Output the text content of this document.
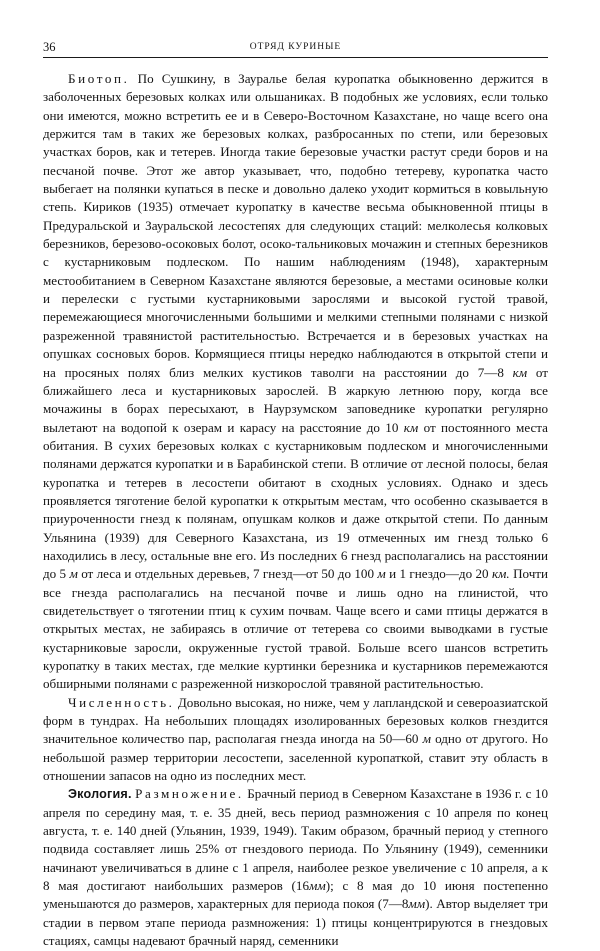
36	ОТРЯД КУРИНЫЕ

Биотоп. По Сушкину, в Зауралье белая куропатка обыкновенно держится в заболоченных березовых колках или ольшаниках. В подобных же условиях, если только они имеются, можно встретить ее и в Северо-Восточном Казахстане, но чаще всего она держится там в таких же березовых колках, разбросанных по степи, или березовых участках боров, как и тетерев. Иногда такие березовые участки растут среди боров и на песчаной почве. Этот же автор указывает, что, подобно тетереву, куропатка часто выбегает на полянки купаться в песке и довольно далеко уходит кормиться в ковыльную степь. Кириков (1935) отмечает куропатку в качестве весьма обыкновенной птицы в Предуральской и Зауральской лесостепях для следующих стаций: мелколесья колковых березников, березово-осоковых болот, осоко-тальниковых мочажин и степных березников с кустарниковым подлеском. По нашим наблюдениям (1948), характерным местообитанием в Северном Казахстане являются березовые, а местами осиновые колки и перелески с густыми кустарниковыми зарослями и высокой густой травой, перемежающиеся многочисленными большими и мелкими степными полянами с низкой разреженной травянистой растительностью. Встречается и в березовых участках на опушках сосновых боров. Кормящиеся птицы нередко наблюдаются в открытой степи и на просяных полях близ мелких кустиков таволги на расстоянии до 7—8 км от ближайшего леса и кустарниковых зарослей. В жаркую летнюю пору, когда все мочажины в борах пересыхают, в Наурзумском заповеднике куропатки регулярно вылетают на водопой к озерам и карасу на расстояние до 10 км от постоянного места обитания. В сухих березовых колках с кустарниковым подлеском и многочисленными полянами держатся куропатки и в Барабинской степи. В отличие от лесной полосы, белая куропатка и тетерев в лесостепи обитают в сходных условиях. Однако и здесь проявляется тяготение белой куропатки к открытым местам, что особенно сказывается в приуроченности гнезд к полянам, опушкам колков и даже открытой степи. По данным Ульянина (1939) для Северного Казахстана, из 19 отмеченных им гнезд только 6 находились в лесу, остальные вне его. Из последних 6 гнезд располагались на расстоянии до 5 м от леса и отдельных деревьев, 7 гнезд—от 50 до 100 м и 1 гнездо—до 20 км. Почти все гнезда располагались на песчаной почве и лишь одно на глинистой, что свидетельствует о тяготении птиц к сухим почвам. Чаще всего и сами птицы держатся в открытых местах, не забираясь в отличие от тетерева со своими выводками в густые кустарниковые заросли, окруженные густой травой. Больше всего шансов встретить куропатку в таких местах, где мелкие куртинки березника и кустарников перемежаются обширными полянами с разреженной низкорослой травяной растительностью.

Численность. Довольно высокая, но ниже, чем у лапландской и североазиатской форм в тундрах. На небольших площадях изолированных березовых колков гнездится значительное количество пар, располагая гнезда иногда на 50—60 м одно от другого. Но небольшой размер территории лесостепи, заселенной куропаткой, ставит эту область в отношении запасов на одно из последних мест.

Экология. Размножение. Брачный период в Северном Казахстане в 1936 г. с 10 апреля по середину мая, т. е. 35 дней, весь период размножения с 10 апреля по конец августа, т. е. 140 дней (Ульянин, 1939, 1949). Таким образом, брачный период у степного подвида составляет лишь 25% от гнездового периода. По Ульянину (1949), семенники начинают увеличиваться в длине с 1 апреля, наиболее резкое увеличение с 10 апреля, а к 8 мая достигают наибольших размеров (16мм); с 8 мая до 10 июня постепенно уменьшаются до размеров, характерных для периода покоя (7—8мм). Автор выделяет три стадии в первом этапе периода размножения: 1) птицы концентрируются в гнездовых стациях, самцы надевают брачный наряд, семенники
